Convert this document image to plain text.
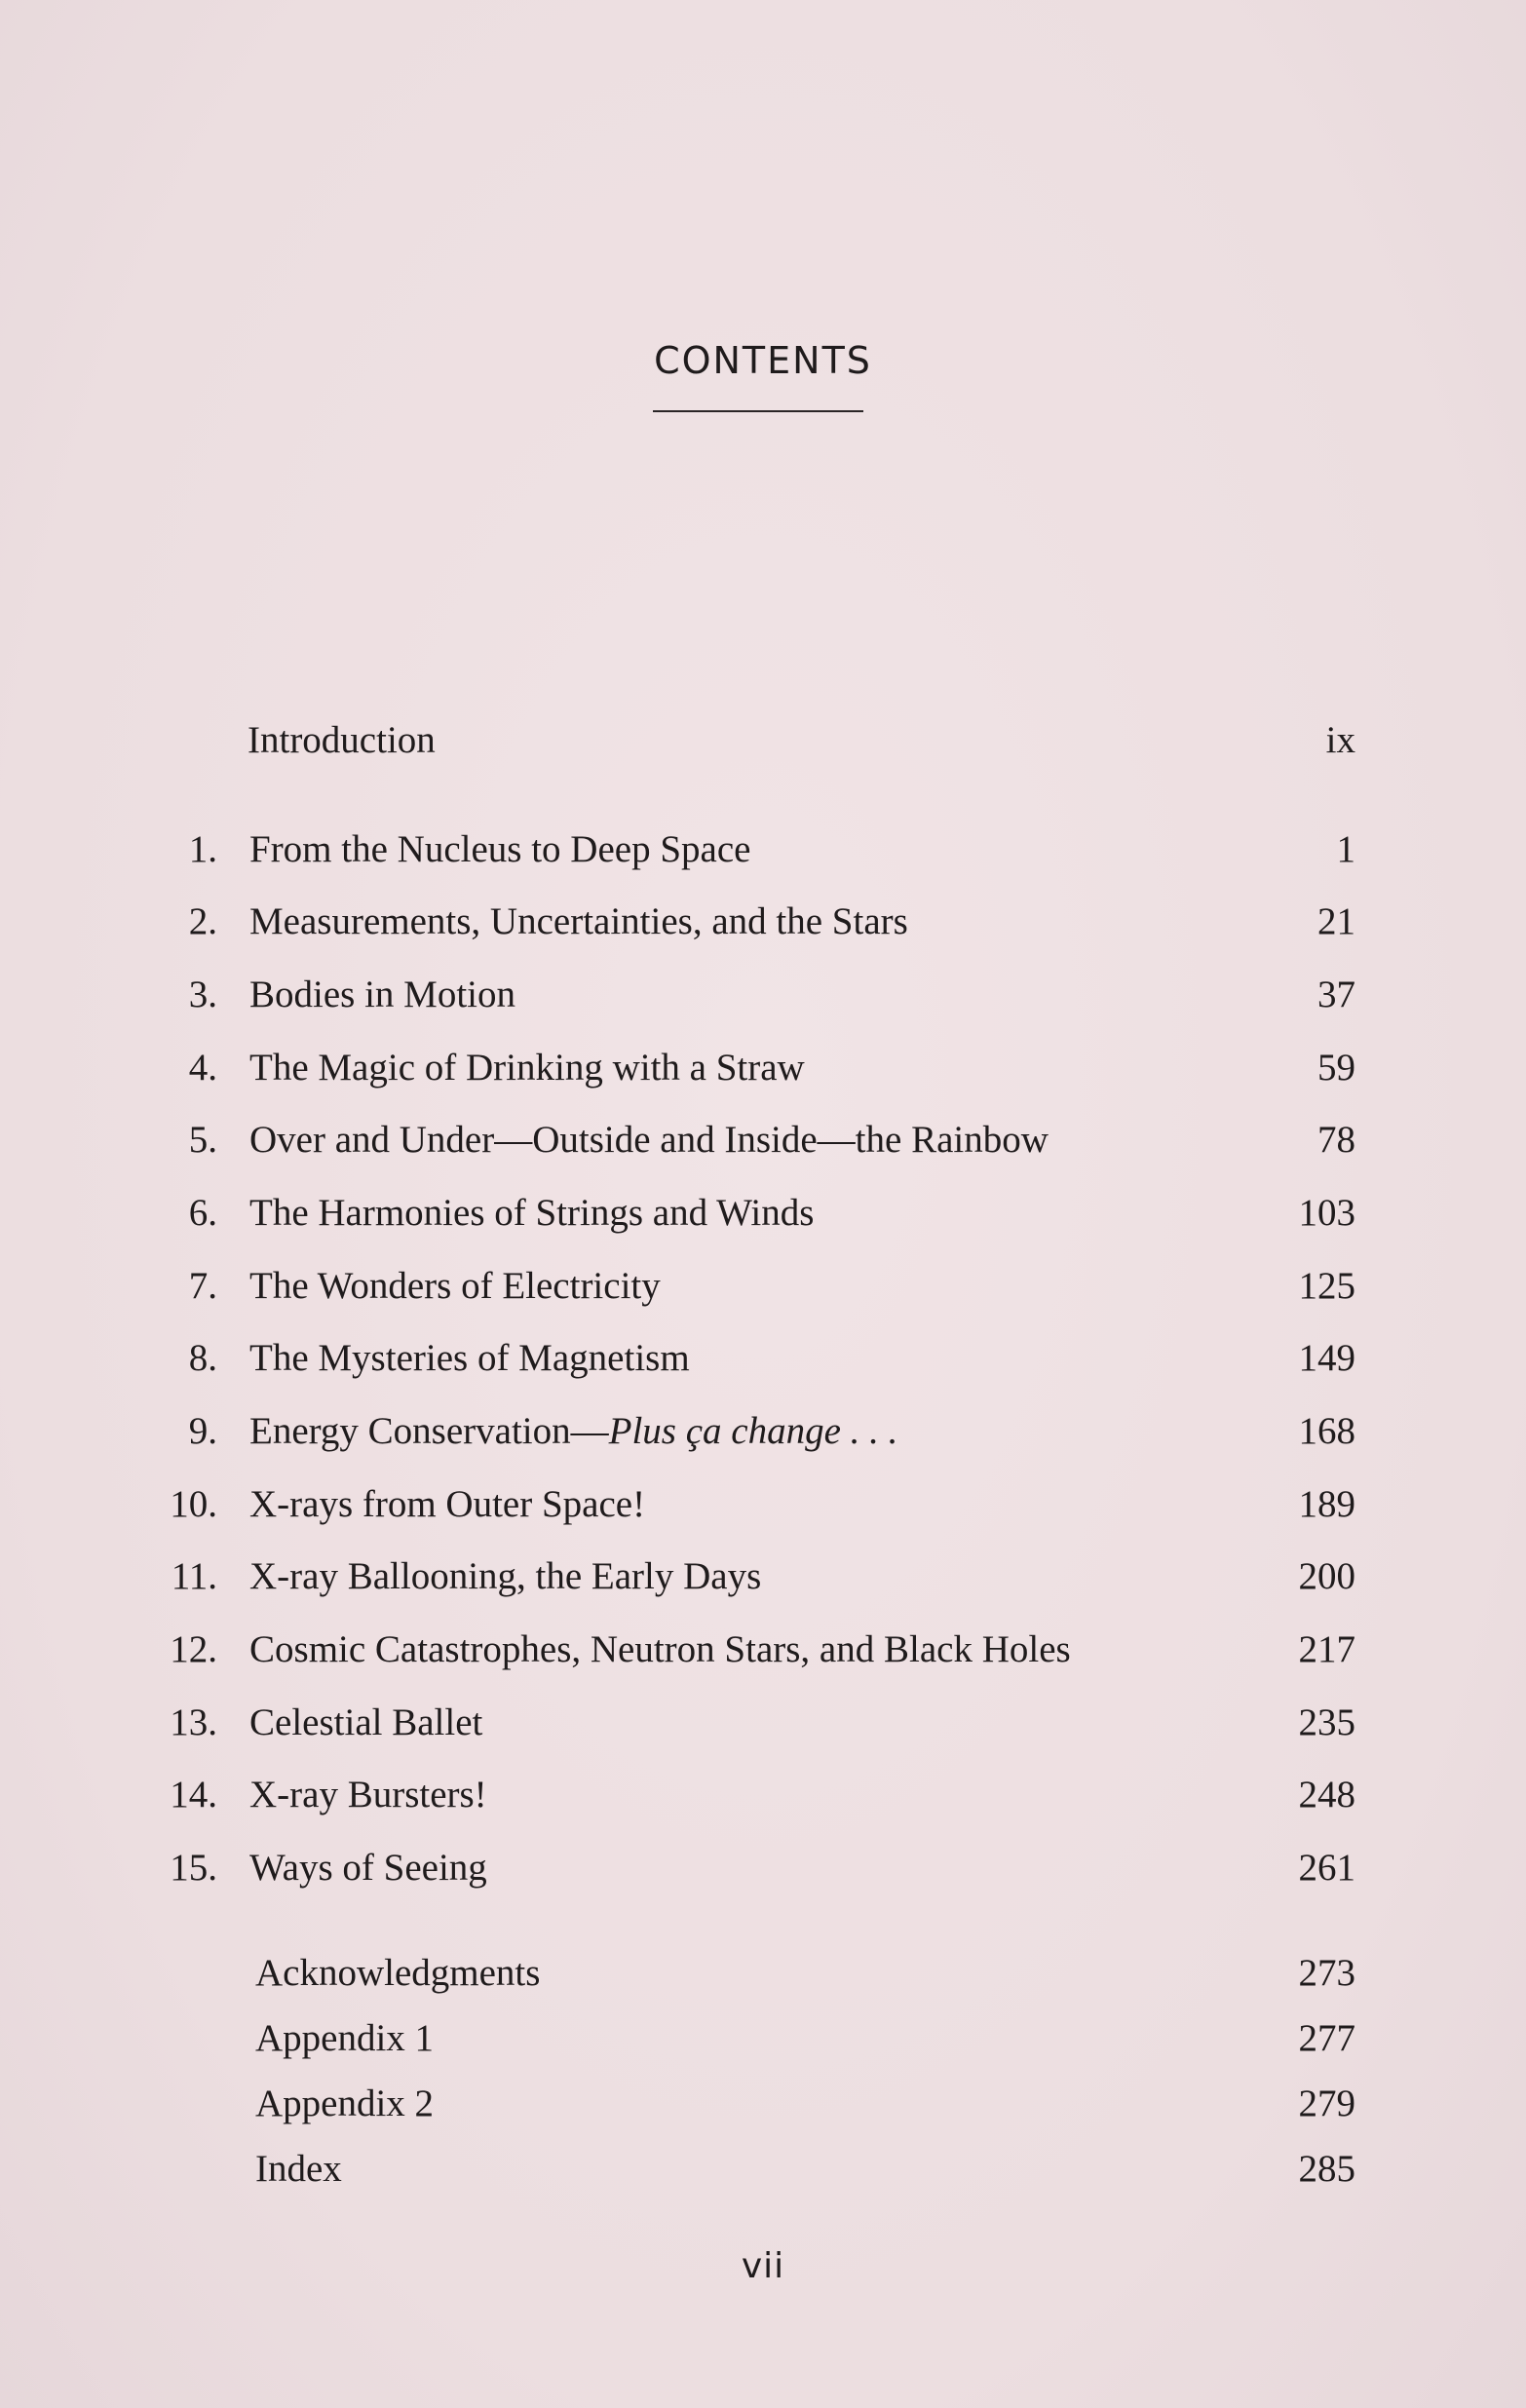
CONTENTS
Introduction	ix
1. From the Nucleus to Deep Space	1
2. Measurements, Uncertainties, and the Stars	21
3. Bodies in Motion	37
4. The Magic of Drinking with a Straw	59
5. Over and Under—Outside and Inside—the Rainbow	78
6. The Harmonies of Strings and Winds	103
7. The Wonders of Electricity	125
8. The Mysteries of Magnetism	149
9. Energy Conservation—Plus ça change . . .	168
10. X-rays from Outer Space!	189
11. X-ray Ballooning, the Early Days	200
12. Cosmic Catastrophes, Neutron Stars, and Black Holes	217
13. Celestial Ballet	235
14. X-ray Bursters!	248
15. Ways of Seeing	261
Acknowledgments	273
Appendix 1	277
Appendix 2	279
Index	285
vii
